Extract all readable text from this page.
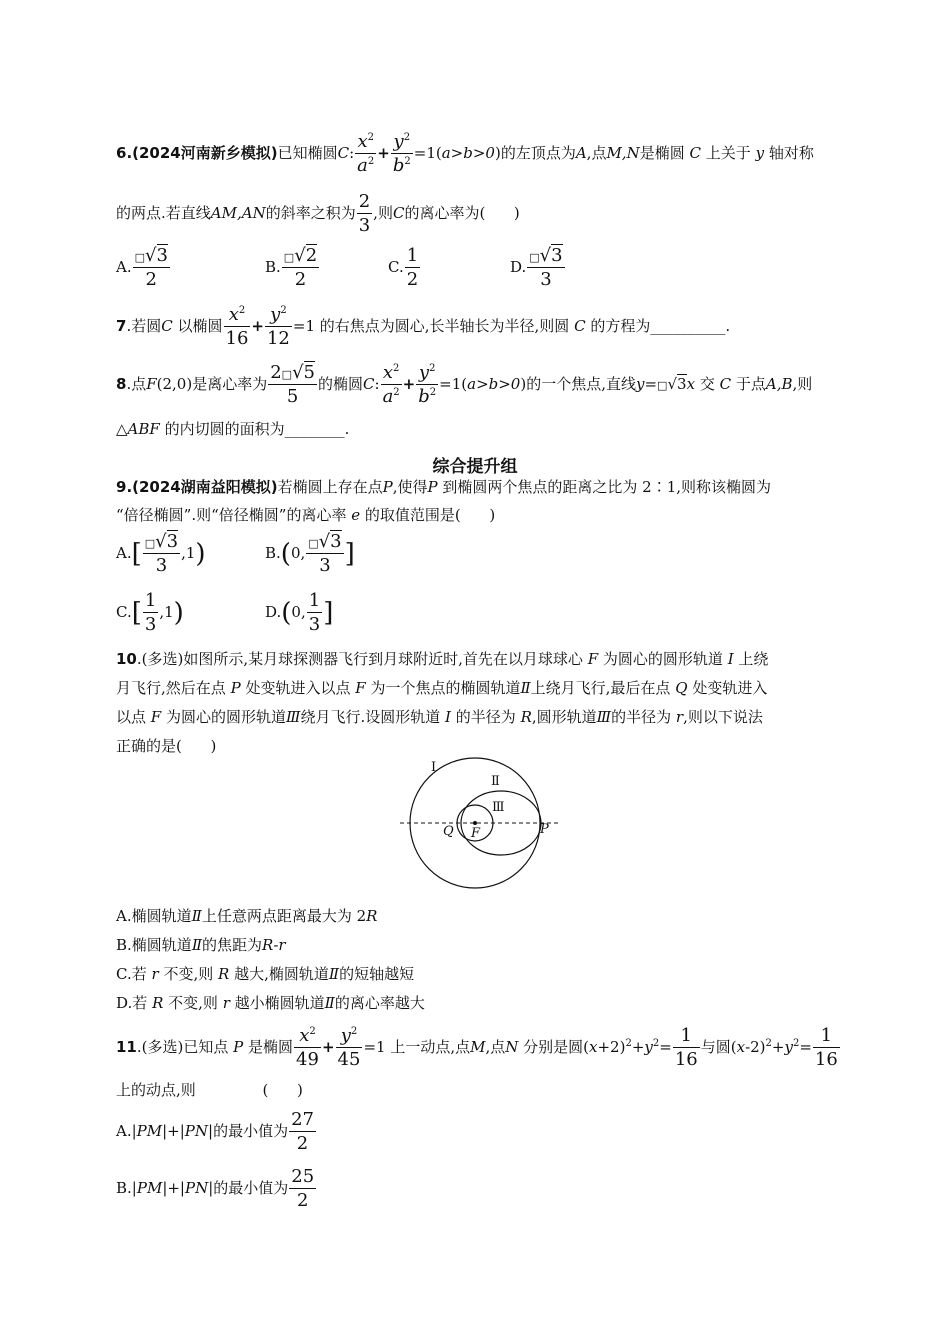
6.(2024河南新乡模拟)已知椭圆C: $\frac{x^2}{a^2} + \frac{y^2}{b^2} =1(a>b>0)$的左顶点为A,点M,N是椭圆 C 上关于 y 轴对称
的两点.若直线AM,AN的斜率之积为 $\frac{2}{3}$ ,则C的离心率为( )
A. $\frac{□√3}{2}$	B. $\frac{□√2}{2}$	C. $\frac{1}{2}$	D. $\frac{□√3}{3}$
7.若圆C 以椭圆 $\frac{x^2}{16} + \frac{y^2}{12} =1$ 的右焦点为圆心,长半轴长为半径,则圆 C 的方程为__________.
8.点F(2,0)是离心率为 $\frac{2□√5}{5}$ 的椭圆C: $\frac{x^2}{a^2} + \frac{y^2}{b^2} =1(a>b>0)$的一个焦点,直线y=□√3x 交 C 于点A,B,则
△ABF 的内切圆的面积为________.
综合提升组
9.(2024湖南益阳模拟)若椭圆上存在点P,使得P 到椭圆两个焦点的距离之比为 2∶1,则称该椭圆为
“倍径椭圆”.则“倍径椭圆”的离心率 e 的取值范围是( )
$A.[ \frac{□√3}{3} ,1)$	B.(0, $\frac{□√3}{3}$ ]
$C.[ \frac{1}{3} ,1)$	D.(0, $\frac{1}{3}$ ]
10.(多选)如图所示,某月球探测器飞行到月球附近时,首先在以月球球心 F 为圆心的圆形轨道 Ⅰ 上绕
月飞行,然后在点 P 处变轨进入以点 F 为一个焦点的椭圆轨道Ⅱ上绕月飞行,最后在点 Q 处变轨进入
以点 F 为圆心的圆形轨道Ⅲ绕月飞行.设圆形轨道 Ⅰ 的半径为 R,圆形轨道Ⅲ的半径为 r,则以下说法
正确的是( )
Ⅰ
Ⅱ
Ⅲ
Q F	P
A.椭圆轨道Ⅱ上任意两点距离最大为 2R
B.椭圆轨道Ⅱ的焦距为R-r
C.若 r 不变,则 R 越大,椭圆轨道Ⅱ的短轴越短
D.若 R 不变,则 r 越小椭圆轨道Ⅱ的离心率越大
11.(多选)已知点 P 是椭圆 $\frac{x^2}{49} + \frac{y^2}{45} =1$ 上一动点,点M,点N 分别是圆$(x+2)^2+y^2= \frac{1}{16}$ 与圆$(x-2)^2+y^2= \frac{1}{16}$
上的动点,则	( )
A.|PM|+|PN|的最小值为 $\frac{27}{2}$
B.|PM|+|PN|的最小值为 $\frac{25}{2}$
